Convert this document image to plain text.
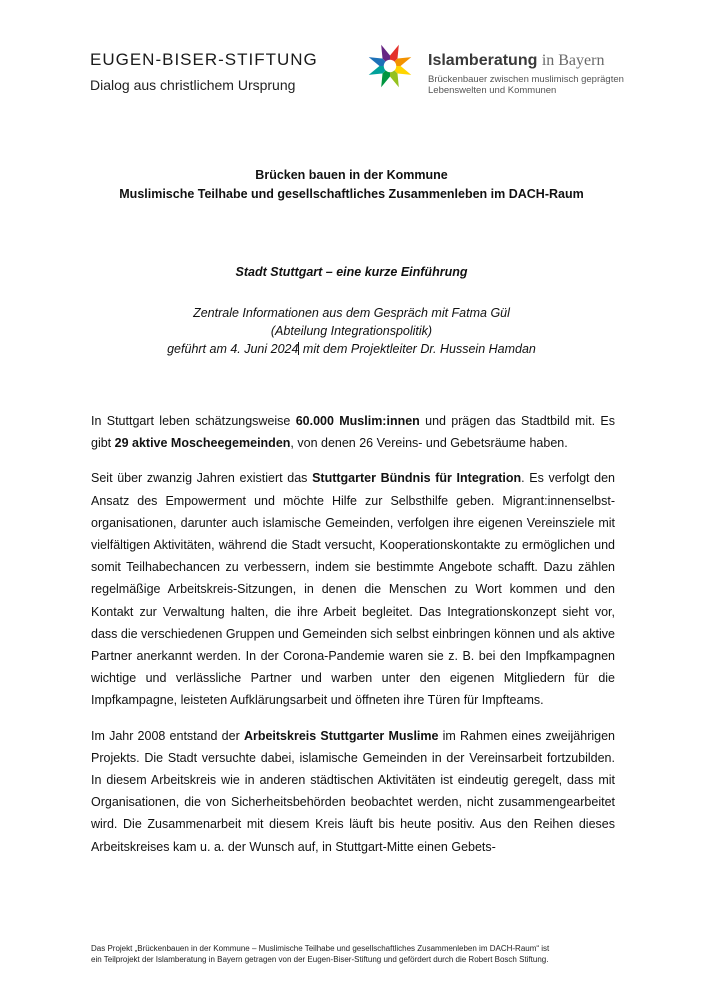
EUGEN-BISER-STIFTUNG
Dialog aus christlichem Ursprung
Islamberatung in Bayern
Brückenbauer zwischen muslimisch geprägten
Lebenswelten und Kommunen
Brücken bauen in der Kommune
Muslimische Teilhabe und gesellschaftliches Zusammenleben im DACH-Raum
Stadt Stuttgart – eine kurze Einführung
Zentrale Informationen aus dem Gespräch mit Fatma Gül
(Abteilung Integrationspolitik)
geführt am 4. Juni 2024 mit dem Projektleiter Dr. Hussein Hamdan

In Stuttgart leben schätzungsweise 60.000 Muslim:innen und prägen das Stadtbild mit. Es gibt 29 aktive Moscheegemeinden, von denen 26 Vereins- und Gebetsräume haben.

Seit über zwanzig Jahren existiert das Stuttgarter Bündnis für Integration. Es verfolgt den Ansatz des Empowerment und möchte Hilfe zur Selbsthilfe geben. Migrant:innenselbstorganisationen, darunter auch islamische Gemeinden, verfolgen ihre eigenen Vereinsziele mit vielfältigen Aktivitäten, während die Stadt versucht, Kooperationskontakte zu ermöglichen und somit Teilhabechancen zu verbessern, indem sie bestimmte Angebote schafft. Dazu zählen regelmäßige Arbeitskreis-Sitzungen, in denen die Menschen zu Wort kommen und den Kontakt zur Verwaltung halten, die ihre Arbeit begleitet. Das Integrationskonzept sieht vor, dass die verschiedenen Gruppen und Gemeinden sich selbst einbringen können und als aktive Partner anerkannt werden. In der Corona-Pandemie waren sie z. B. bei den Impfkampagnen wichtige und verlässliche Partner und warben unter den eigenen Mitgliedern für die Impfkampagne, leisteten Aufklärungsarbeit und öffneten ihre Türen für Impfteams.

Im Jahr 2008 entstand der Arbeitskreis Stuttgarter Muslime im Rahmen eines zweijährigen Projekts. Die Stadt versuchte dabei, islamische Gemeinden in der Vereinsarbeit fortzubilden. In diesem Arbeitskreis wie in anderen städtischen Aktivitäten ist eindeutig geregelt, dass mit Organisationen, die von Sicherheitsbehörden beobachtet werden, nicht zusammengearbeitet wird. Die Zusammenarbeit mit diesem Kreis läuft bis heute positiv. Aus den Reihen dieses Arbeitskreises kam u. a. der Wunsch auf, in Stuttgart-Mitte einen Gebets-

Das Projekt „Brückenbauen in der Kommune – Muslimische Teilhabe und gesellschaftliches Zusammenleben im DACH-Raum“ ist
ein Teilprojekt der Islamberatung in Bayern getragen von der Eugen-Biser-Stiftung und gefördert durch die Robert Bosch Stiftung.
